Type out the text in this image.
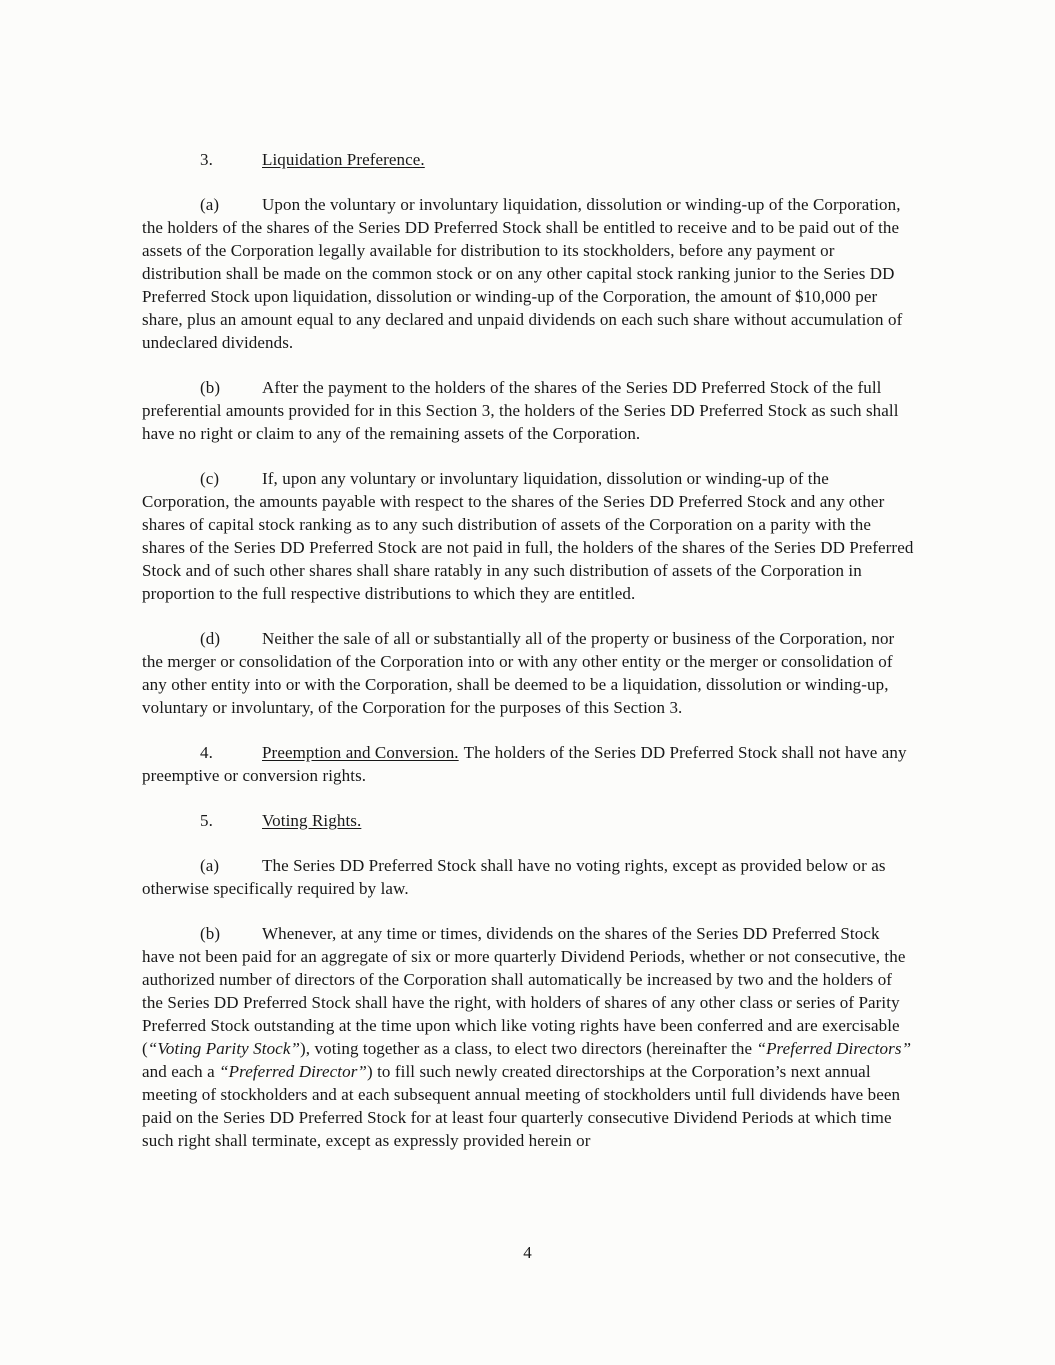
3.	Liquidation Preference.

(a)	Upon the voluntary or involuntary liquidation, dissolution or winding-up of the Corporation, the holders of the shares of the Series DD Preferred Stock shall be entitled to receive and to be paid out of the assets of the Corporation legally available for distribution to its stockholders, before any payment or distribution shall be made on the common stock or on any other capital stock ranking junior to the Series DD Preferred Stock upon liquidation, dissolution or winding-up of the Corporation, the amount of $10,000 per share, plus an amount equal to any declared and unpaid dividends on each such share without accumulation of undeclared dividends.

(b) After the payment to the holders of the shares of the Series DD Preferred Stock of the full preferential amounts provided for in this Section 3, the holders of the Series DD Preferred Stock as such shall have no right or claim to any of the remaining assets of the Corporation.

(c)	If, upon any voluntary or involuntary liquidation, dissolution or winding-up of the Corporation, the amounts payable with respect to the shares of the Series DD Preferred Stock and any other shares of capital stock ranking as to any such distribution of assets of the Corporation on a parity with the shares of the Series DD Preferred Stock are not paid in full, the holders of the shares of the Series DD Preferred Stock and of such other shares shall share ratably in any such distribution of assets of the Corporation in proportion to the full respective distributions to which they are entitled.

(d) Neither the sale of all or substantially all of the property or business of the Corporation, nor the merger or consolidation of the Corporation into or with any other entity or the merger or consolidation of any other entity into or with the Corporation, shall be deemed to be a liquidation, dissolution or winding-up, voluntary or involuntary, of the Corporation for the purposes of this Section 3.

4.	Preemption and Conversion. The holders of the Series DD Preferred Stock shall not have any preemptive or conversion rights.

5.	Voting Rights.

(a)	The Series DD Preferred Stock shall have no voting rights, except as provided below or as otherwise specifically required by law.

(b) Whenever, at any time or times, dividends on the shares of the Series DD Preferred Stock have not been paid for an aggregate of six or more quarterly Dividend Periods, whether or not consecutive, the authorized number of directors of the Corporation shall automatically be increased by two and the holders of the Series DD Preferred Stock shall have the right, with holders of shares of any other class or series of Parity Preferred Stock outstanding at the time upon which like voting rights have been conferred and are exercisable (“Voting Parity Stock”), voting together as a class, to elect two directors (hereinafter the “Preferred Directors” and each a “Preferred Director”) to fill such newly created directorships at the Corporation’s next annual meeting of stockholders and at each subsequent annual meeting of stockholders until full dividends have been paid on the Series DD Preferred Stock for at least four quarterly consecutive Dividend Periods at which time such right shall terminate, except as expressly provided herein or

4
